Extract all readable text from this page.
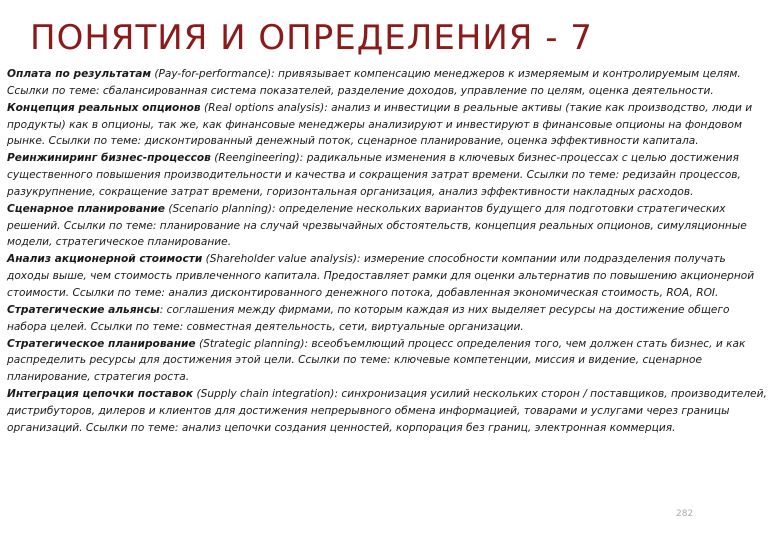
ПОНЯТИЯ И ОПРЕДЕЛЕНИЯ - 7

Оплата по результатам (Pay-for-performance): привязывает компенсацию менеджеров к измеряемым и контролируемым целям. Ссылки по теме: сбалансированная система показателей, разделение доходов, управление по целям, оценка деятельности.

Концепция реальных опционов (Real options analysis): анализ и инвестиции в реальные активы (такие как производство, люди и продукты) как в опционы, так же, как финансовые менеджеры анализируют и инвестируют в финансовые опционы на фондовом рынке. Ссылки по теме: дисконтированный денежный поток, сценарное планирование, оценка эффективности капитала.

Реинжиниринг бизнес-процессов (Reengineering): радикальные изменения в ключевых бизнес-процессах с целью достижения существенного повышения производительности и качества и сокращения затрат времени. Ссылки по теме: редизайн процессов, разукрупнение, сокращение затрат времени, горизонтальная организация, анализ эффективности накладных расходов.

Сценарное планирование (Scenario planning): определение нескольких вариантов будущего для подготовки стратегических решений. Ссылки по теме: планирование на случай чрезвычайных обстоятельств, концепция реальных опционов, симуляционные модели, стратегическое планирование.

Анализ акционерной стоимости (Shareholder value analysis): измерение способности компании или подразделения получать доходы выше, чем стоимость привлеченного капитала. Предоставляет рамки для оценки альтернатив по повышению акционерной стоимости. Ссылки по теме: анализ дисконтированного денежного потока, добавленная экономическая стоимость, ROA, ROI.

Стратегические альянсы: соглашения между фирмами, по которым каждая из них выделяет ресурсы на достижение общего набора целей. Ссылки по теме: совместная деятельность, сети, виртуальные организации.

Стратегическое планирование (Strategic planning): всеобъемлющий процесс определения того, чем должен стать бизнес, и как распределить ресурсы для достижения этой цели. Ссылки по теме: ключевые компетенции, миссия и видение, сценарное планирование, стратегия роста.

Интеграция цепочки поставок (Supply chain integration): синхронизация усилий нескольких сторон / поставщиков, производителей, дистрибуторов, дилеров и клиентов для достижения непрерывного обмена информацией, товарами и услугами через границы организаций. Ссылки по теме: анализ цепочки создания ценностей, корпорация без границ, электронная коммерция.

282
